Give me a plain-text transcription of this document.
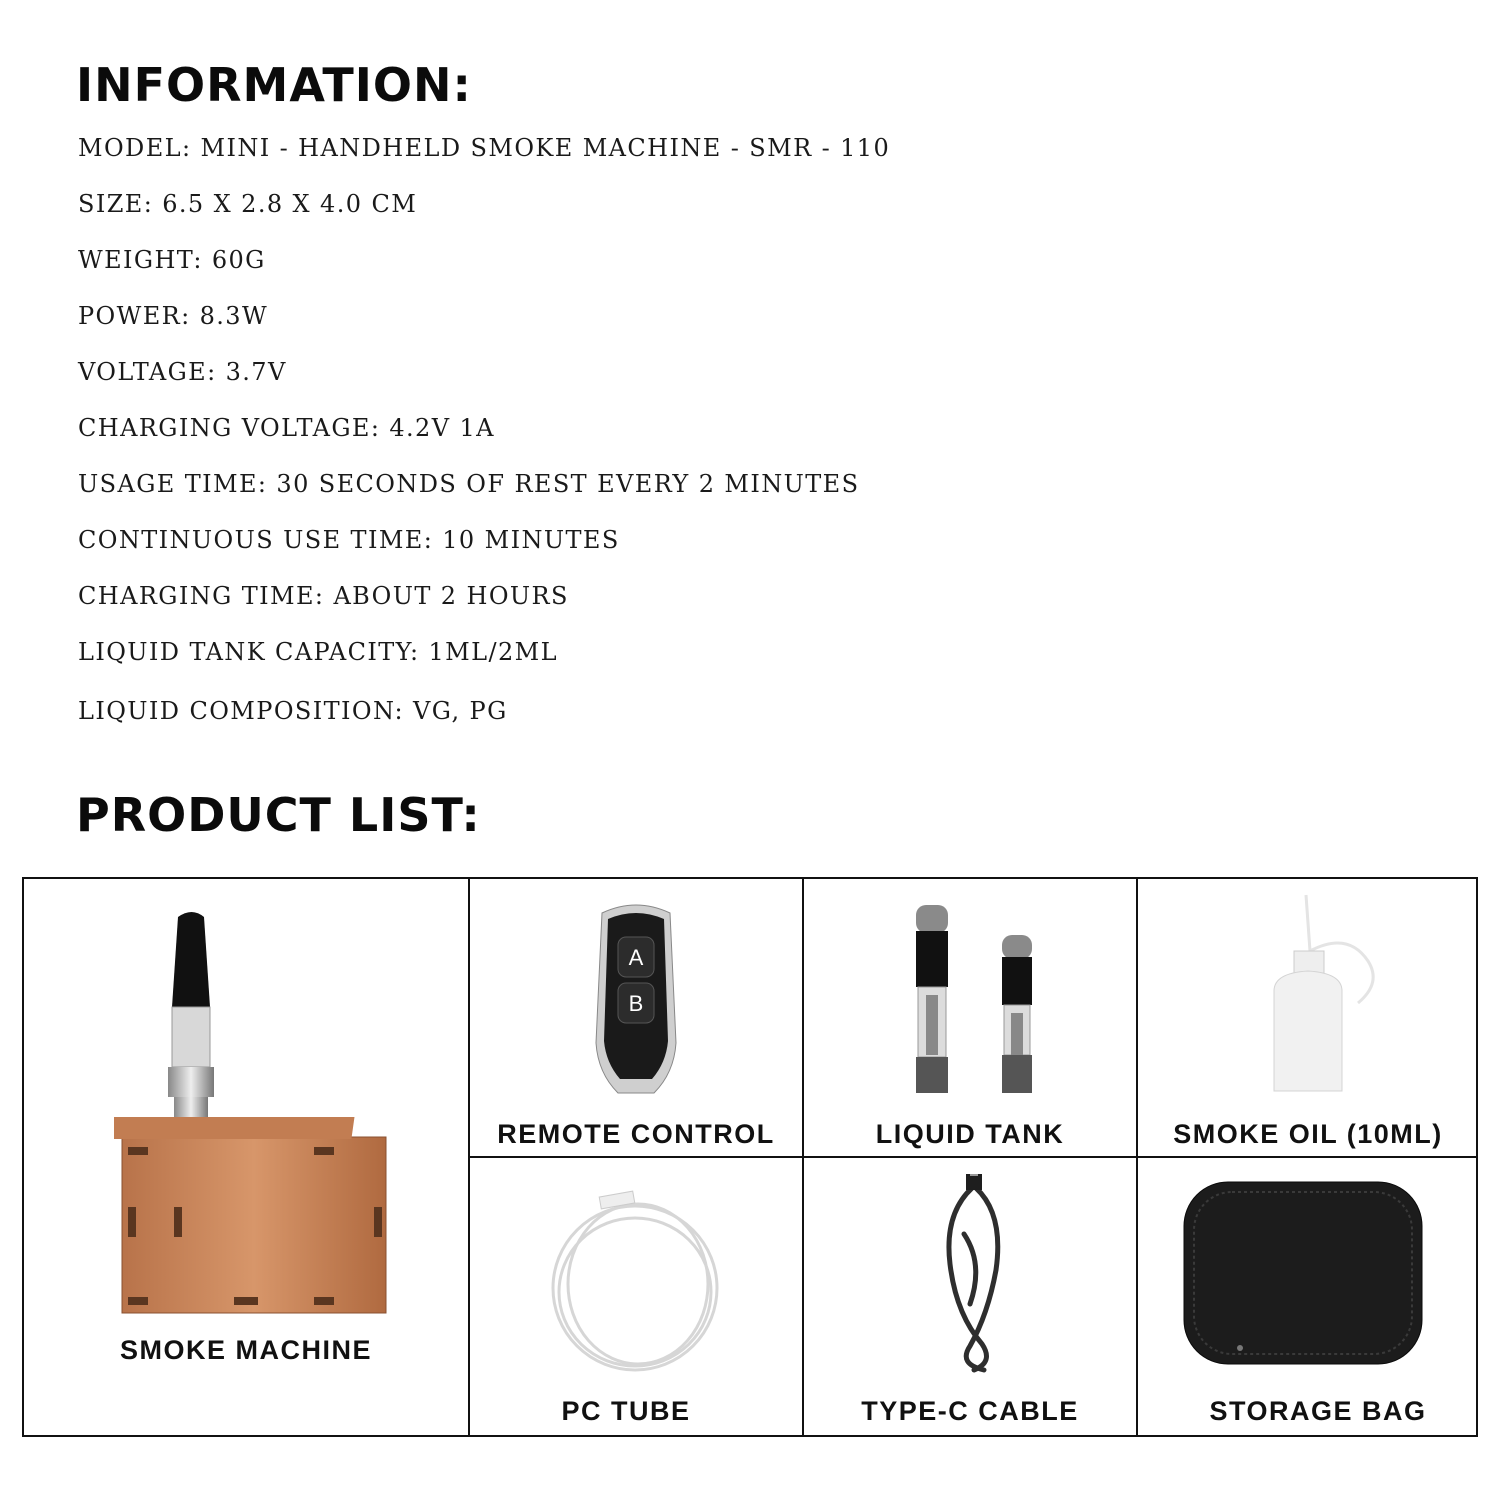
INFORMATION:

MODEL: MINI - HANDHELD SMOKE MACHINE - SMR - 110

SIZE: 6.5 X 2.8 X 4.0 CM

WEIGHT: 60G

POWER: 8.3W

VOLTAGE: 3.7V

CHARGING VOLTAGE: 4.2V 1A

USAGE TIME: 30 SECONDS OF REST EVERY 2 MINUTES

CONTINUOUS USE TIME: 10 MINUTES

CHARGING TIME: ABOUT 2 HOURS

LIQUID TANK CAPACITY: 1ML/2ML

LIQUID COMPOSITION: VG, PG

PRODUCT LIST:
SMOKE MACHINE
A
B
REMOTE CONTROL	LIQUID TANK	SMOKE OIL (10ML)
PC TUBE	TYPE-C CABLE	STORAGE BAG
